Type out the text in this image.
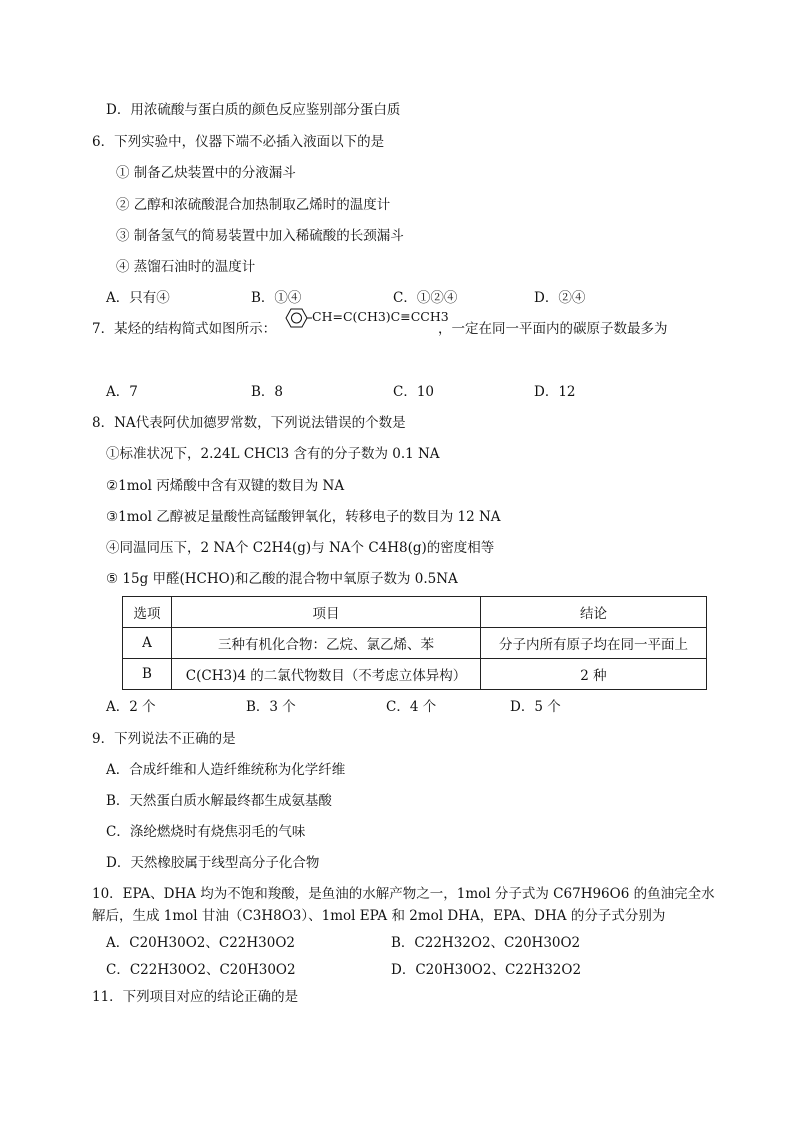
D．用浓硫酸与蛋白质的颜色反应鉴别部分蛋白质
6．下列实验中，仪器下端不必插入液面以下的是
① 制备乙炔装置中的分液漏斗
② 乙醇和浓硫酸混合加热制取乙烯时的温度计
③ 制备氢气的简易装置中加入稀硫酸的长颈漏斗
④ 蒸馏石油时的温度计
A．只有④	B．①④	C．①②④	D．②④
7．某烃的结构简式如图所示：
CH=C(CH3)C≡CCH3
，一定在同一平面内的碳原子数最多为
A．7	B．8	C．10	D．12
8．NA代表阿伏加德罗常数，下列说法错误的个数是
①标准状况下，2.24L CHCl3 含有的分子数为 0.1 NA
②1mol 丙烯酸中含有双键的数目为 NA
③1mol 乙醇被足量酸性高锰酸钾氧化，转移电子的数目为 12 NA
④同温同压下，2 NA个 C2H4(g)与 NA个 C4H8(g)的密度相等
⑤ 15g 甲醛(HCHO)和乙酸的混合物中氧原子数为 0.5NA
选项	项目	结论
A	三种有机化合物：乙烷、氯乙烯、苯	分子内所有原子均在同一平面上
B	C(CH3)4 的二氯代物数目（不考虑立体异构）	2 种
A．2 个	B．3 个	C．4 个	D．5 个
9．下列说法不正确的是
A．合成纤维和人造纤维统称为化学纤维
B．天然蛋白质水解最终都生成氨基酸
C．涤纶燃烧时有烧焦羽毛的气味
D．天然橡胶属于线型高分子化合物
10．EPA、DHA 均为不饱和羧酸，是鱼油的水解产物之一，1mol 分子式为 C67H96O6 的鱼油完全水
解后，生成 1mol 甘油（C3H8O3）、1mol EPA 和 2mol DHA，EPA、DHA 的分子式分别为
A．C20H30O2、C22H30O2	B．C22H32O2、C20H30O2
C．C22H30O2、C20H30O2	D．C20H30O2、C22H32O2
11．下列项目对应的结论正确的是
